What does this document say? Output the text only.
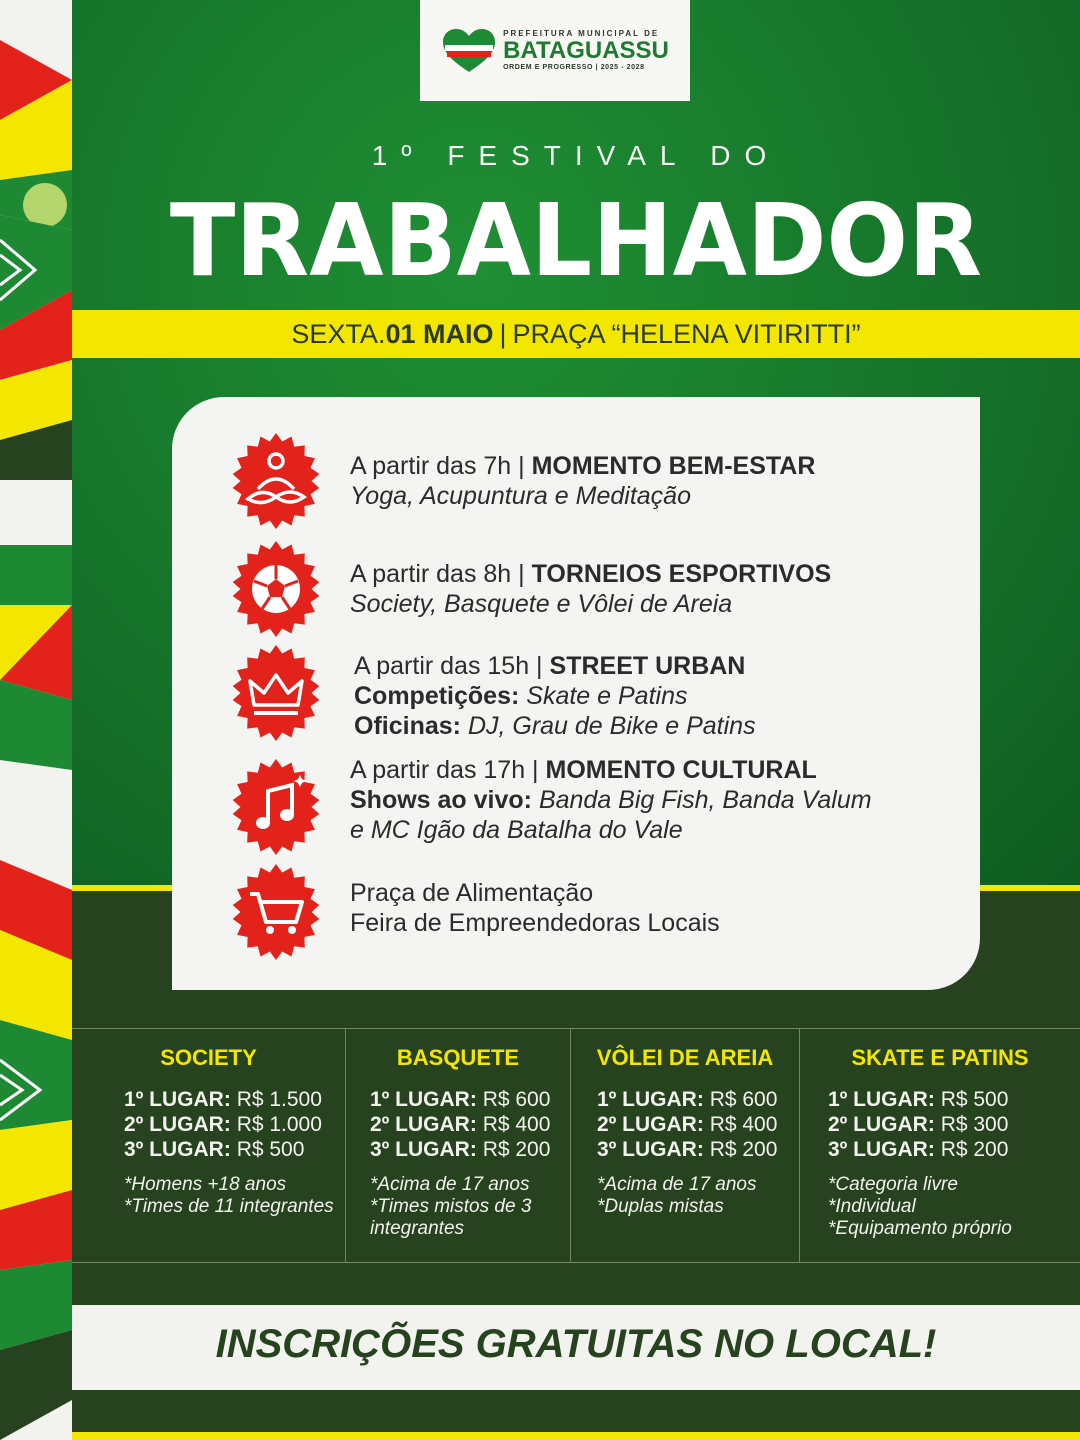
PREFEITURA MUNICIPAL DE
BATAGUASSU
ORDEM E PROGRESSO | 2025 - 2028
1º FESTIVAL DO
TRABALHADOR
SEXTA. 01 MAIO | PRAÇA “HELENA VITIRITTI”
A partir das 7h | MOMENTO BEM-ESTAR
Yoga, Acupuntura e Meditação
A partir das 8h | TORNEIOS ESPORTIVOS
Society, Basquete e Vôlei de Areia
A partir das 15h | STREET URBAN
Competições: Skate e Patins
Oficinas: DJ, Grau de Bike e Patins
A partir das 17h | MOMENTO CULTURAL
Shows ao vivo: Banda Big Fish, Banda Valum
e MC Igão da Batalha do Vale
Praça de Alimentação
Feira de Empreendedoras Locais
SOCIETY
1º LUGAR: R$ 1.500
2º LUGAR: R$ 1.000
3º LUGAR: R$ 500
*Homens +18 anos
*Times de 11 integrantes
BASQUETE
1º LUGAR: R$ 600
2º LUGAR: R$ 400
3º LUGAR: R$ 200
*Acima de 17 anos
*Times mistos de 3
integrantes
VÔLEI DE AREIA
1º LUGAR: R$ 600
2º LUGAR: R$ 400
3º LUGAR: R$ 200
*Acima de 17 anos
*Duplas mistas
SKATE E PATINS
1º LUGAR: R$ 500
2º LUGAR: R$ 300
3º LUGAR: R$ 200
*Categoria livre
*Individual
*Equipamento próprio
INSCRIÇÕES GRATUITAS NO LOCAL!
